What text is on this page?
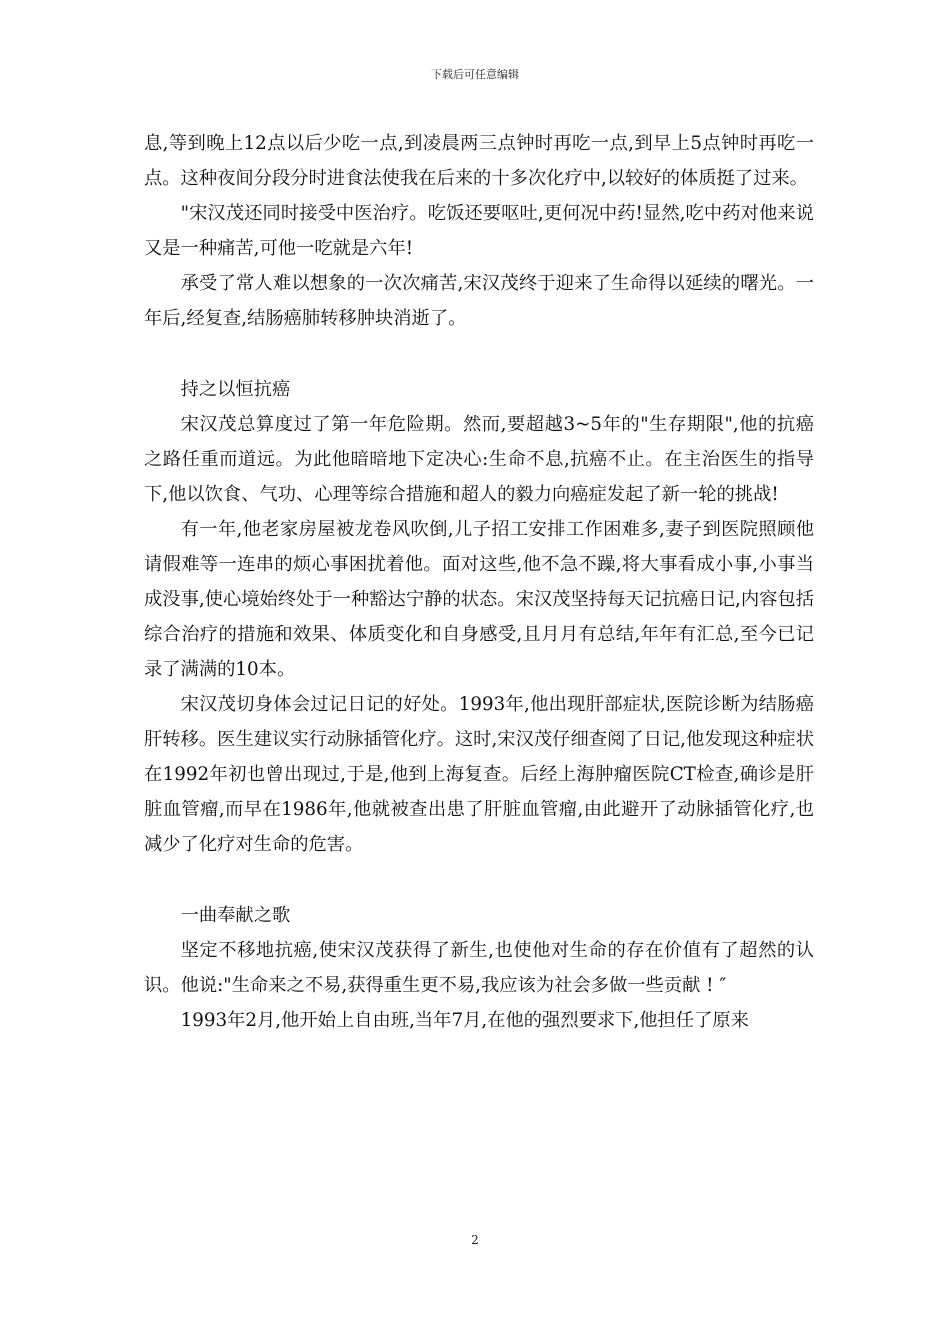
下载后可任意编辑

息,等到晚上12点以后少吃一点,到凌晨两三点钟时再吃一点,到早上5点钟时再吃一点。这种夜间分段分时进食法使我在后来的十多次化疗中,以较好的体质挺了过来。

"宋汉茂还同时接受中医治疗。吃饭还要呕吐,更何况中药!显然,吃中药对他来说又是一种痛苦,可他一吃就是六年!

承受了常人难以想象的一次次痛苦,宋汉茂终于迎来了生命得以延续的曙光。一年后,经复查,结肠癌肺转移肿块消逝了。

持之以恒抗癌

宋汉茂总算度过了第一年危险期。然而,要超越3~5年的"生存期限",他的抗癌之路任重而道远。为此他暗暗地下定决心:生命不息,抗癌不止。在主治医生的指导下,他以饮食、气功、心理等综合措施和超人的毅力向癌症发起了新一轮的挑战!

有一年,他老家房屋被龙卷风吹倒,儿子招工安排工作困难多,妻子到医院照顾他请假难等一连串的烦心事困扰着他。面对这些,他不急不躁,将大事看成小事,小事当成没事,使心境始终处于一种豁达宁静的状态。宋汉茂坚持每天记抗癌日记,内容包括综合治疗的措施和效果、体质变化和自身感受,且月月有总结,年年有汇总,至今已记录了满满的10本。

宋汉茂切身体会过记日记的好处。1993年,他出现肝部症状,医院诊断为结肠癌肝转移。医生建议实行动脉插管化疗。这时,宋汉茂仔细查阅了日记,他发现这种症状在1992年初也曾出现过,于是,他到上海复查。后经上海肿瘤医院CT检查,确诊是肝脏血管瘤,而早在1986年,他就被查出患了肝脏血管瘤,由此避开了动脉插管化疗,也减少了化疗对生命的危害。

一曲奉献之歌

坚定不移地抗癌,使宋汉茂获得了新生,也使他对生命的存在价值有了超然的认识。他说:"生命来之不易,获得重生更不易,我应该为社会多做一些贡献 ! ″

1993年2月,他开始上自由班,当年7月,在他的强烈要求下,他担任了原来

2
